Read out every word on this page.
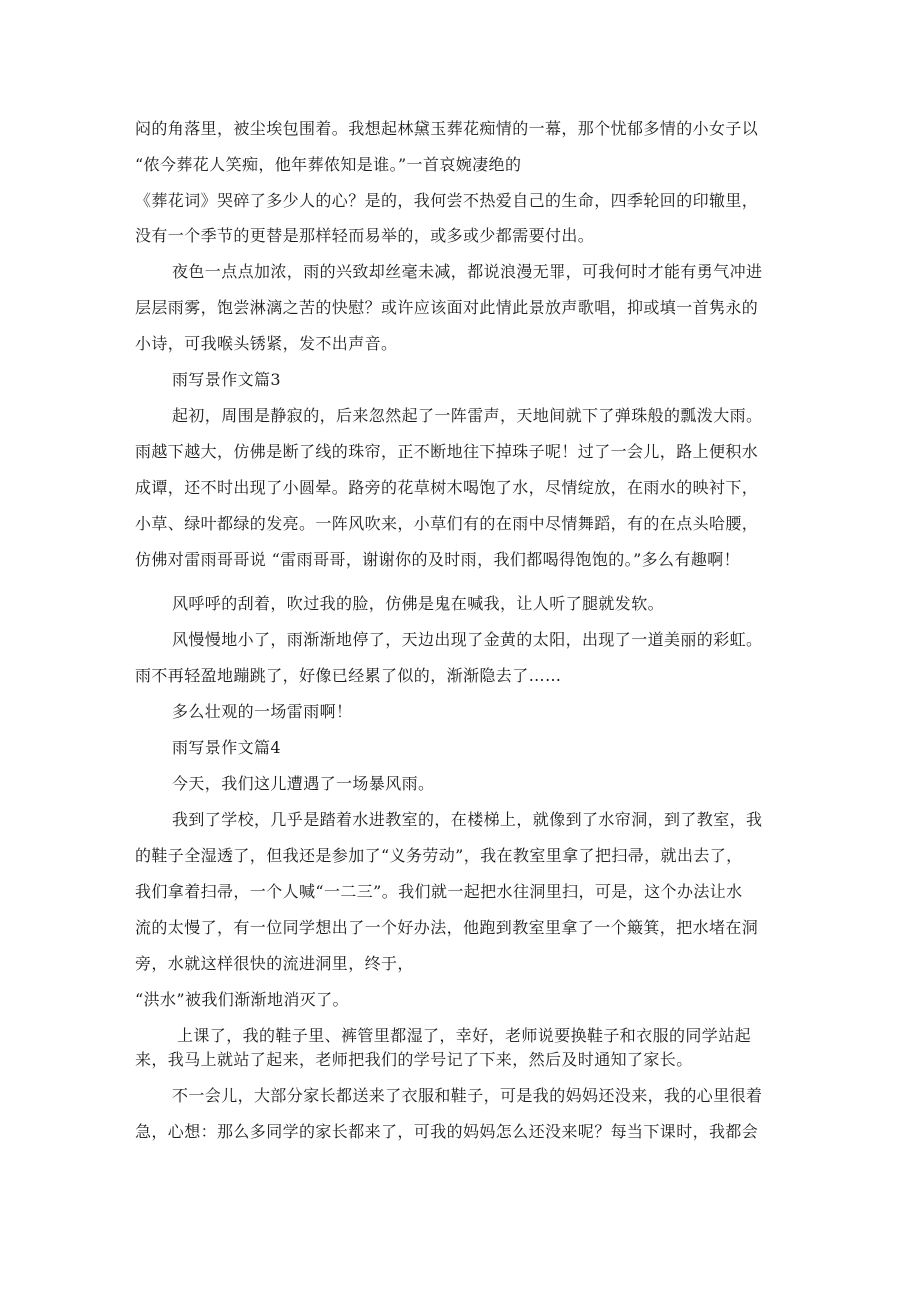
闷的角落里，被尘埃包围着。我想起林黛玉葬花痴情的一幕，那个忧郁多情的小女子以

“侬今葬花人笑痴，他年葬侬知是谁。”一首哀婉凄绝的

《葬花词》哭碎了多少人的心？是的，我何尝不热爱自己的生命，四季轮回的印辙里，

没有一个季节的更替是那样轻而易举的，或多或少都需要付出。

夜色一点点加浓，雨的兴致却丝毫未减，都说浪漫无罪，可我何时才能有勇气冲进

层层雨雾，饱尝淋漓之苦的快慰？或许应该面对此情此景放声歌唱，抑或填一首隽永的

小诗，可我喉头锈紧，发不出声音。

雨写景作文篇3

起初，周围是静寂的，后来忽然起了一阵雷声，天地间就下了弹珠般的瓢泼大雨。

雨越下越大，仿佛是断了线的珠帘，正不断地往下掉珠子呢！过了一会儿，路上便积水

成谭，还不时出现了小圆晕。路旁的花草树木喝饱了水，尽情绽放，在雨水的映衬下，

小草、绿叶都绿的发亮。一阵风吹来，小草们有的在雨中尽情舞蹈，有的在点头哈腰，

仿佛对雷雨哥哥说 “雷雨哥哥，谢谢你的及时雨，我们都喝得饱饱的。”多么有趣啊！

风呼呼的刮着，吹过我的脸，仿佛是鬼在喊我，让人听了腿就发软。

风慢慢地小了，雨渐渐地停了，天边出现了金黄的太阳，出现了一道美丽的彩虹。

雨不再轻盈地蹦跳了，好像已经累了似的，渐渐隐去了……

多么壮观的一场雷雨啊！

雨写景作文篇4

今天，我们这儿遭遇了一场暴风雨。

我到了学校，几乎是踏着水进教室的，在楼梯上，就像到了水帘洞，到了教室，我

的鞋子全湿透了，但我还是参加了“义务劳动”，我在教室里拿了把扫帚，就出去了，

我们拿着扫帚，一个人喊“一二三”。我们就一起把水往洞里扫，可是，这个办法让水

流的太慢了，有一位同学想出了一个好办法，他跑到教室里拿了一个簸箕，把水堵在洞

旁，水就这样很快的流进洞里，终于，

“洪水”被我们渐渐地消灭了。

上课了，我的鞋子里、裤管里都湿了，幸好，老师说要换鞋子和衣服的同学站起

来，我马上就站了起来，老师把我们的学号记了下来，然后及时通知了家长。

不一会儿，大部分家长都送来了衣服和鞋子，可是我的妈妈还没来，我的心里很着

急，心想：那么多同学的家长都来了，可我的妈妈怎么还没来呢？每当下课时，我都会
